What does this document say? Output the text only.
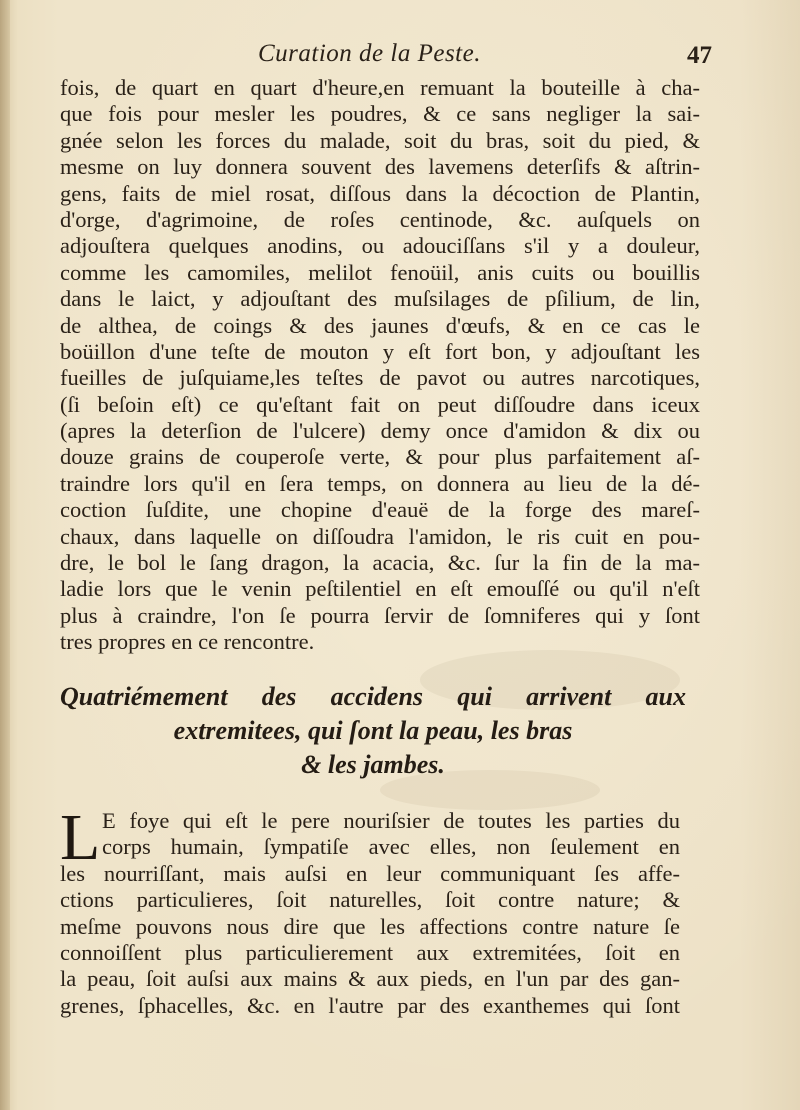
Curation de la Peste.	47
fois, de quart en quart d'heure,en remuant la bouteille à cha-
que fois pour mesler les poudres, & ce sans negliger la sai-
gnée selon les forces du malade, soit du bras, soit du pied, &
mesme on luy donnera souvent des lavemens deterſifs & aſtrin-
gens, faits de miel rosat, diſſous dans la décoction de Plantin,
d'orge, d'agrimoine, de roſes centinode, &c. auſquels on
adjouſtera quelques anodins, ou adouciſſans s'il y a douleur,
comme les camomiles, melilot fenoüil, anis cuits ou bouillis
dans le laict, y adjouſtant des muſsilages de pſilium, de lin,
de althea, de coings & des jaunes d'œufs, & en ce cas le
boüillon d'une teſte de mouton y eſt fort bon, y adjouſtant les
fueilles de juſquiame,les teſtes de pavot ou autres narcotiques,
(ſi beſoin eſt) ce qu'eſtant fait on peut diſſoudre dans iceux
(apres la deterſion de l'ulcere) demy once d'amidon & dix ou
douze grains de couperoſe verte, & pour plus parfaitement aſ-
traindre lors qu'il en ſera temps, on donnera au lieu de la dé-
coction ſuſdite, une chopine d'eauë de la forge des mareſ-
chaux, dans laquelle on diſſoudra l'amidon, le ris cuit en pou-
dre, le bol le ſang dragon, la acacia, &c. ſur la fin de la ma-
ladie lors que le venin peſtilentiel en eſt emouſſé ou qu'il n'eſt
plus à craindre, l'on ſe pourra ſervir de ſomniferes qui y ſont
tres propres en ce rencontre.
Quatriémement des accidens qui arrivent aux
extremitees, qui ſont la peau, les bras
& les jambes.
L E foye qui eſt le pere nouriſsier de toutes les parties du
corps humain, ſympatiſe avec elles, non ſeulement en
les nourriſſant, mais auſsi en leur communiquant ſes affe-
ctions particulieres, ſoit naturelles, ſoit contre nature; &
meſme pouvons nous dire que les affections contre nature ſe
connoiſſent plus particulierement aux extremitées, ſoit en
la peau, ſoit auſsi aux mains & aux pieds, en l'un par des gan-
grenes, ſphacelles, &c. en l'autre par des exanthemes qui ſont
